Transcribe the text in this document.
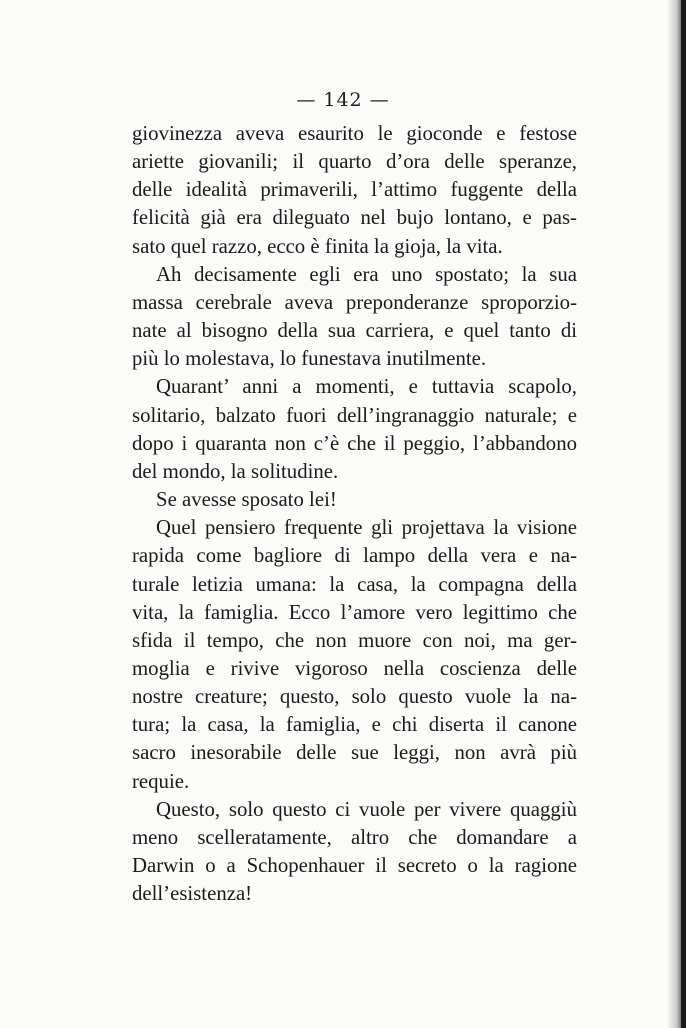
— 142 —
giovinezza aveva esaurito le gioconde e festose
ariette giovanili; il quarto d’ora delle speranze,
delle idealità primaverili, l’attimo fuggente della
felicità già era dileguato nel bujo lontano, e pas-
sato quel razzo, ecco è finita la gioja, la vita.
Ah decisamente egli era uno spostato; la sua
massa cerebrale aveva preponderanze sproporzio-
nate al bisogno della sua carriera, e quel tanto di
più lo molestava, lo funestava inutilmente.
Quarant’ anni a momenti, e tuttavia scapolo,
solitario, balzato fuori dell’ingranaggio naturale; e
dopo i quaranta non c’è che il peggio, l’abbandono
del mondo, la solitudine.
Se avesse sposato lei!
Quel pensiero frequente gli projettava la visione
rapida come bagliore di lampo della vera e na-
turale letizia umana: la casa, la compagna della
vita, la famiglia. Ecco l’amore vero legittimo che
sfida il tempo, che non muore con noi, ma ger-
moglia e rivive vigoroso nella coscienza delle
nostre creature; questo, solo questo vuole la na-
tura; la casa, la famiglia, e chi diserta il canone
sacro inesorabile delle sue leggi, non avrà più
requie.
Questo, solo questo ci vuole per vivere quaggiù
meno scelleratamente, altro che domandare a
Darwin o a Schopenhauer il secreto o la ragione
dell’esistenza!
